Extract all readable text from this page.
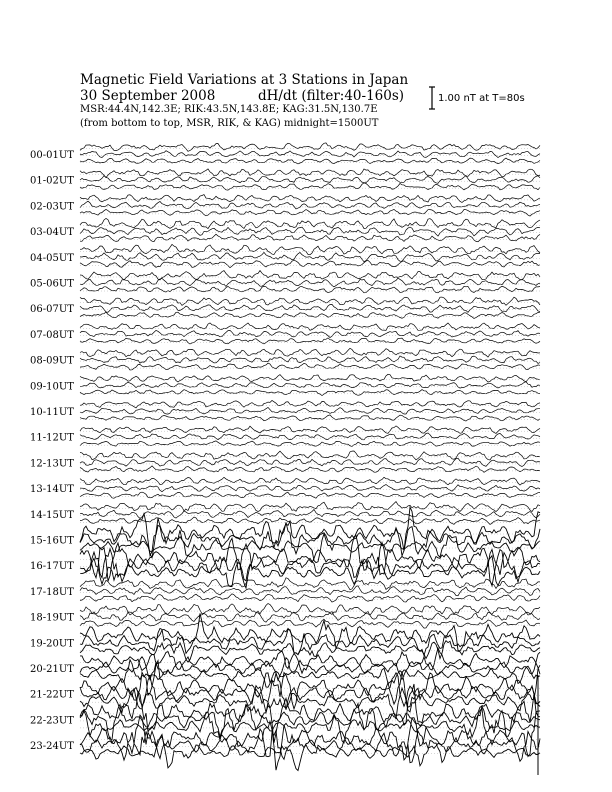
Magnetic Field Variations at 3 Stations in Japan
30 September 2008	dH/dt (filter:40-160s)
MSR:44.4N,142.3E; RIK:43.5N,143.8E; KAG:31.5N,130.7E
(from bottom to top, MSR, RIK, & KAG) midnight=1500UT
1.00 nT at T=80s
00-01UT
01-02UT
02-03UT
03-04UT
04-05UT
05-06UT
06-07UT
07-08UT
08-09UT
09-10UT
10-11UT
11-12UT
12-13UT
13-14UT
14-15UT
15-16UT
16-17UT
17-18UT
18-19UT
19-20UT
20-21UT
21-22UT
22-23UT
23-24UT
